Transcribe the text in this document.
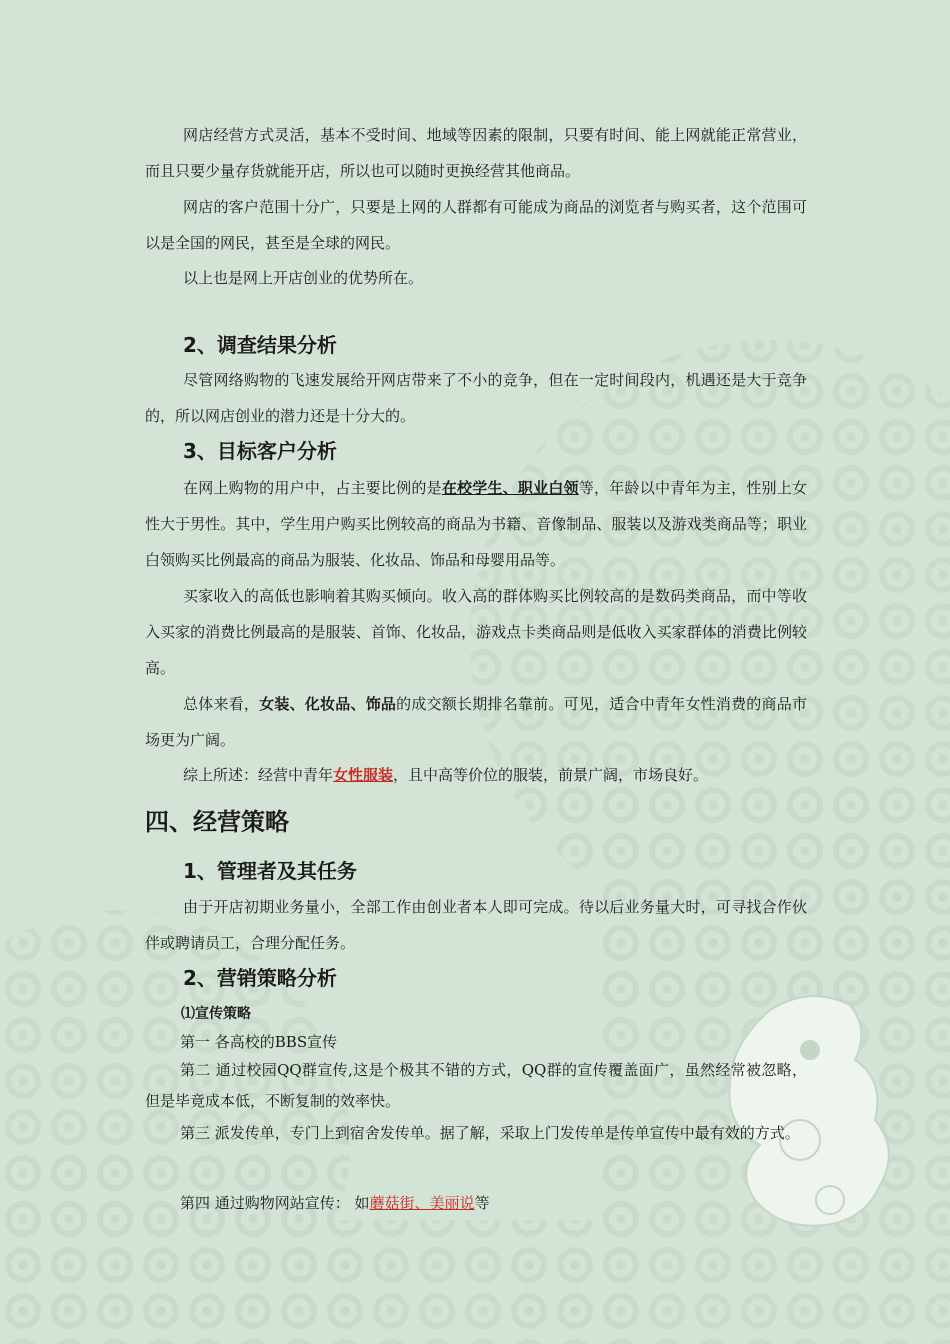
网店经营方式灵活，基本不受时间、地域等因素的限制，只要有时间、能上网就能正常营业，而且只要少量存货就能开店，所以也可以随时更换经营其他商品。

网店的客户范围十分广，只要是上网的人群都有可能成为商品的浏览者与购买者，这个范围可以是全国的网民，甚至是全球的网民。

以上也是网上开店创业的优势所在。

2、调查结果分析

尽管网络购物的飞速发展给开网店带来了不小的竞争，但在一定时间段内，机遇还是大于竞争的，所以网店创业的潜力还是十分大的。

3、目标客户分析

在网上购物的用户中，占主要比例的是在校学生、职业白领等，年龄以中青年为主，性别上女性大于男性。其中，学生用户购买比例较高的商品为书籍、音像制品、服装以及游戏类商品等；职业白领购买比例最高的商品为服装、化妆品、饰品和母婴用品等。

买家收入的高低也影响着其购买倾向。收入高的群体购买比例较高的是数码类商品，而中等收入买家的消费比例最高的是服装、首饰、化妆品，游戏点卡类商品则是低收入买家群体的消费比例较高。

总体来看，女装、化妆品、饰品的成交额长期排名靠前。可见，适合中青年女性消费的商品市场更为广阔。

综上所述：经营中青年女性服装，且中高等价位的服装，前景广阔，市场良好。

四、经营策略
1、管理者及其任务

由于开店初期业务量小，全部工作由创业者本人即可完成。待以后业务量大时，可寻找合作伙伴或聘请员工，合理分配任务。

2、营销策略分析

⑴宣传策略

第一 各高校的BBS宣传

第二 通过校园QQ群宣传,这是个极其不错的方式，QQ群的宣传覆盖面广，虽然经常被忽略，但是毕竟成本低，不断复制的效率快。

第三 派发传单，专门上到宿舍发传单。据了解，采取上门发传单是传单宣传中最有效的方式。

第四 通过购物网站宣传： 如蘑菇街、美丽说等
